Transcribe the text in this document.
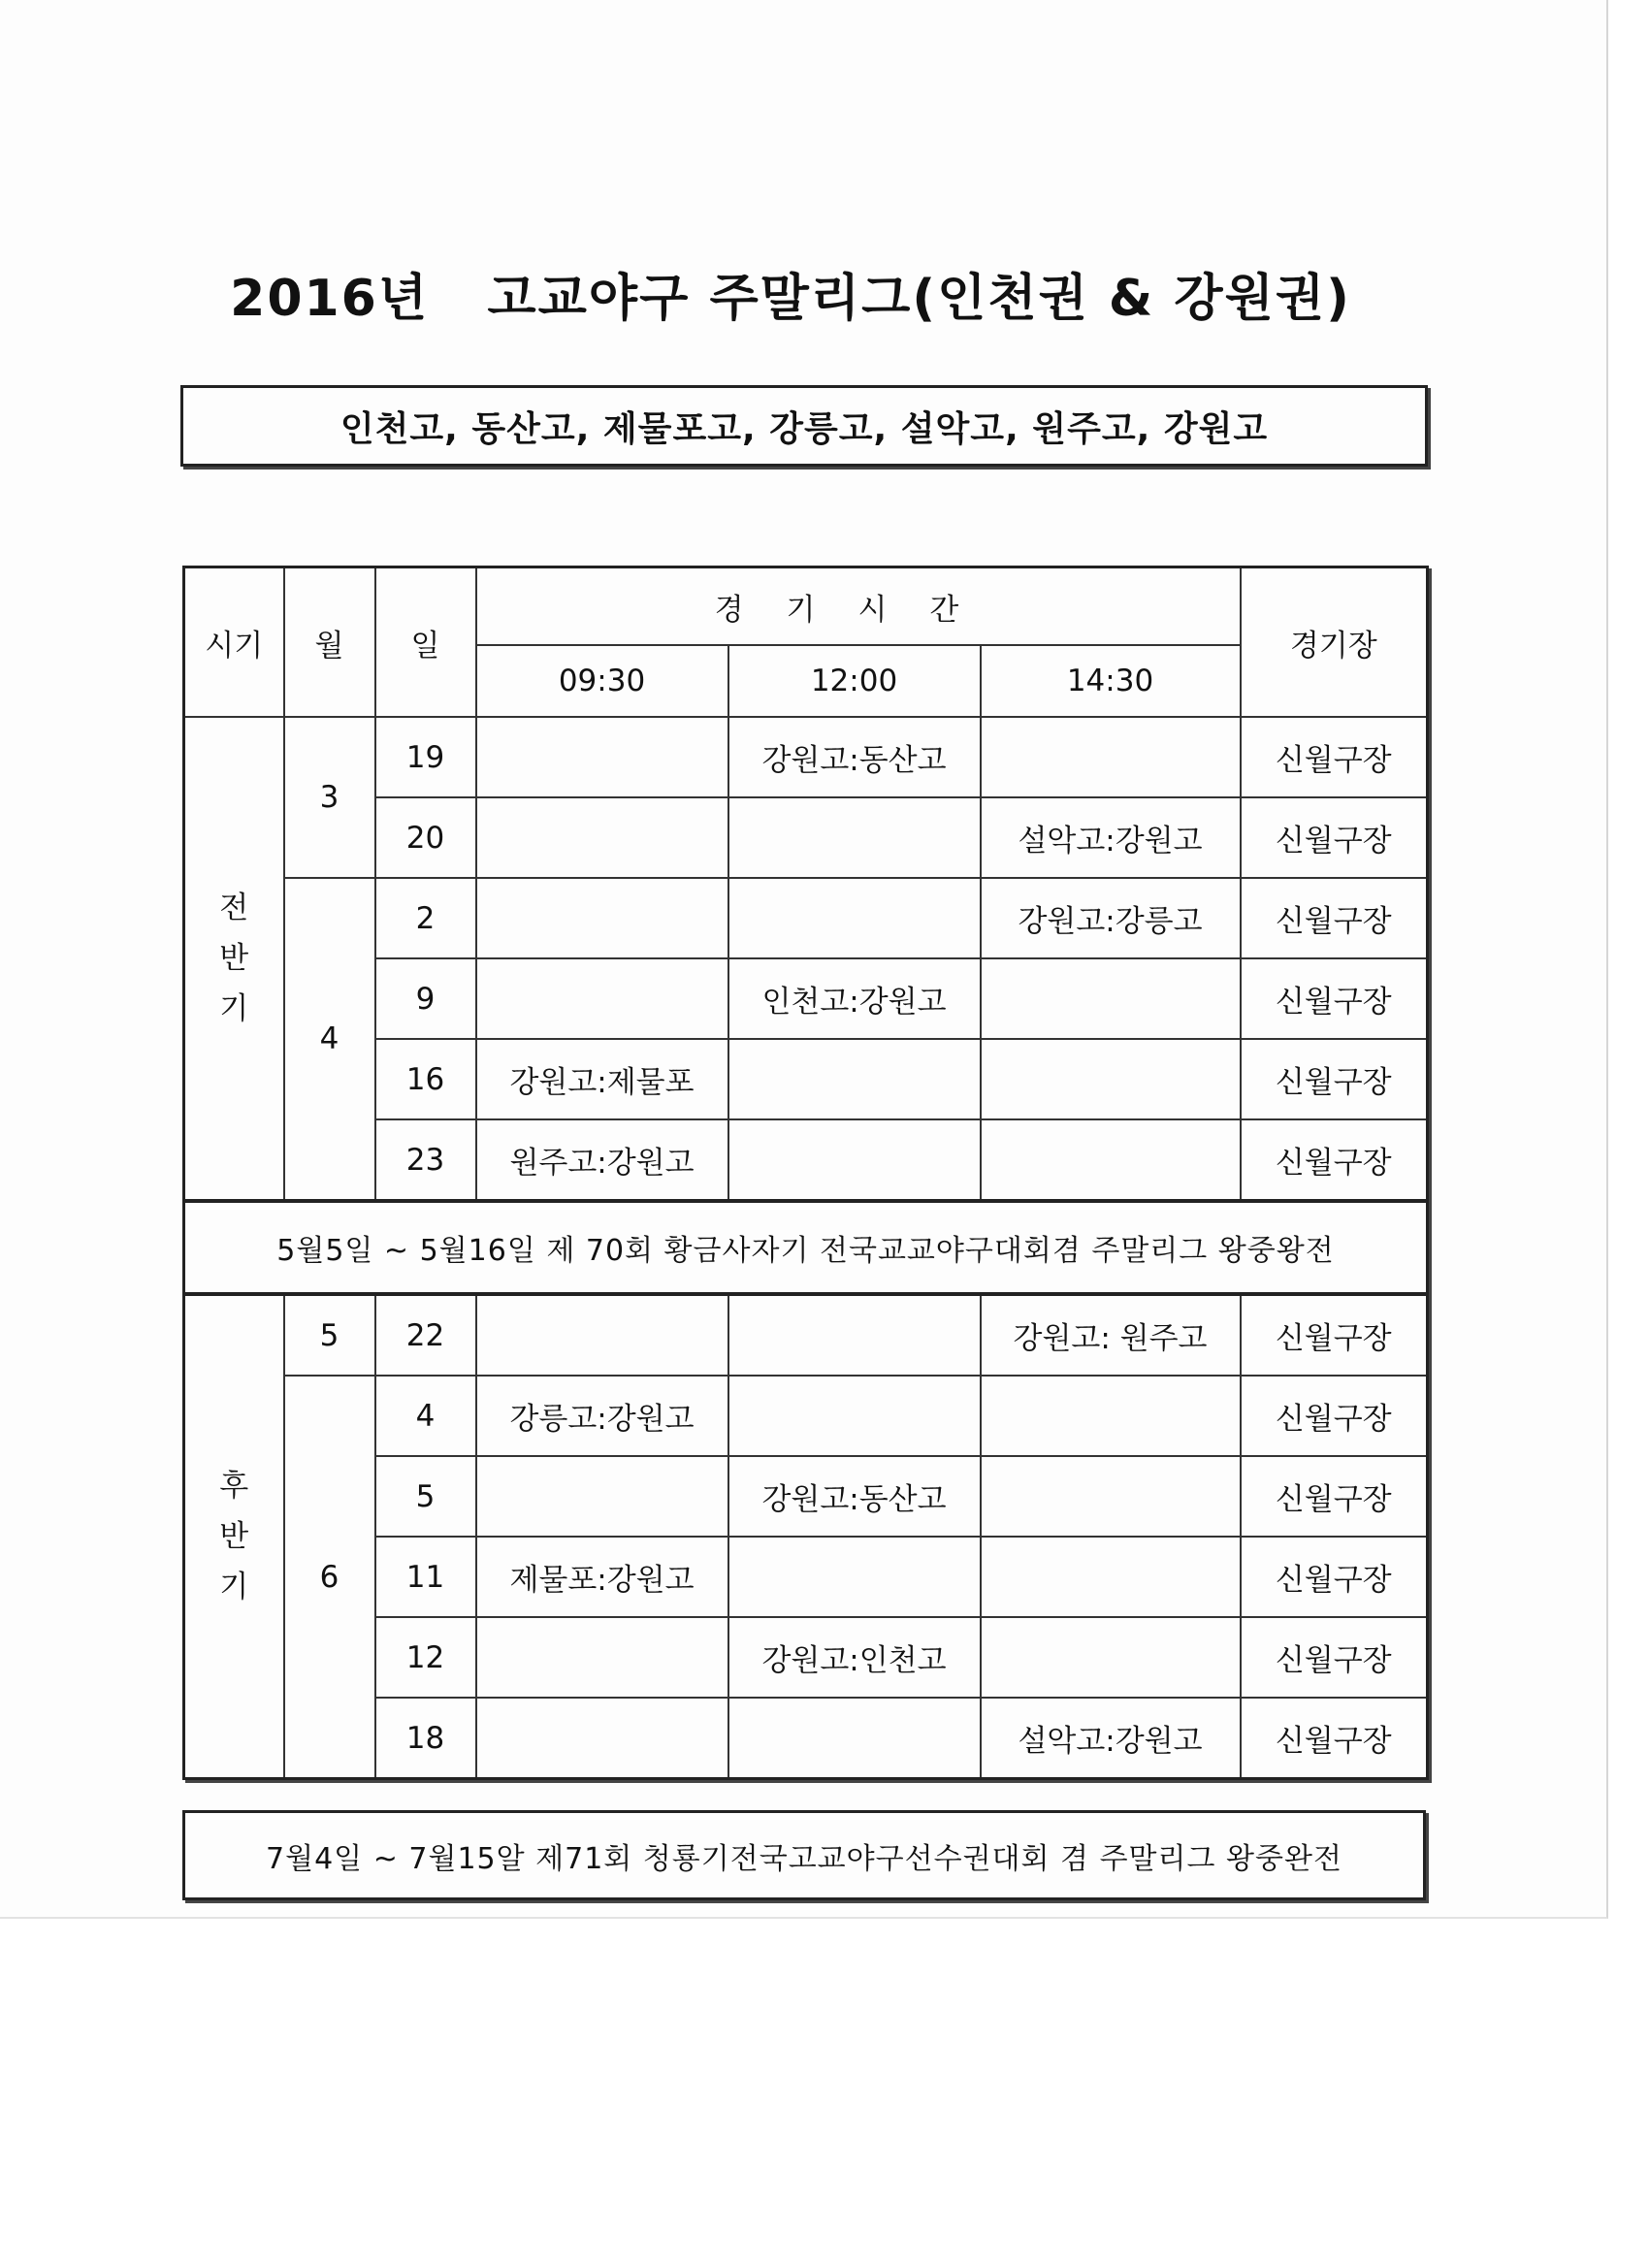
2016년   고교야구 주말리그(인천권 & 강원권)
인천고, 동산고, 제물포고, 강릉고, 설악고, 원주고, 강원고
시기	월	일	경기시간			경기장
			09:30	12:00	14:30	

전
반
기	3	19		강원고:동산고		신월구장
		20			설악고:강원고	신월구장
	4	2			강원고:강릉고	신월구장
		9		인천고:강원고		신월구장
		16	강원고:제물포			신월구장
		23	원주고:강원고			신월구장
5월5일 ~ 5월16일 제 70회 황금사자기 전국교교야구대회겸 주말리그 왕중왕전						

후
반
기	5	22			강원고: 원주고	신월구장
	6	4	강릉고:강원고			신월구장
		5		강원고:동산고		신월구장
		11	제물포:강원고			신월구장
		12		강원고:인천고		신월구장
		18			설악고:강원고	신월구장
7월4일 ~ 7월15알 제71회 청룡기전국고교야구선수권대회 겸 주말리그 왕중완전
